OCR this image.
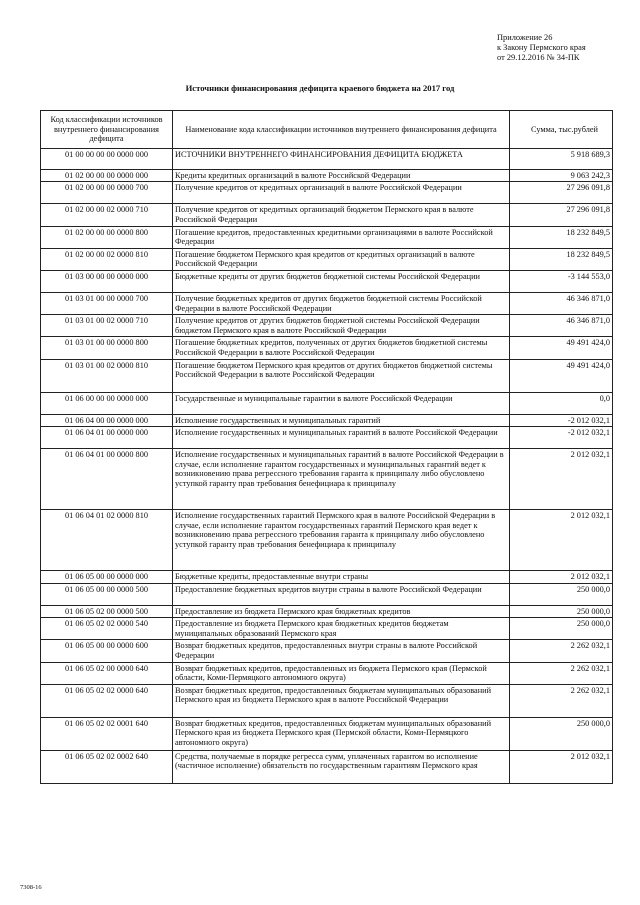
Приложение 26
к Закону Пермского края
от 29.12.2016 № 34-ПК
Источники финансирования дефицита краевого бюджета на 2017 год
Код классификации источников внутреннего финансирования дефицита	Наименование кода классификации источников внутреннего финансирования дефицита	Сумма, тыс.рублей
01 00 00 00 00 0000 000	ИСТОЧНИКИ ВНУТРЕННЕГО ФИНАНСИРОВАНИЯ ДЕФИЦИТА БЮДЖЕТА	5 918 689,3
01 02 00 00 00 0000 000	Кредиты кредитных организаций в валюте Российской Федерации	9 063 242,3
01 02 00 00 00 0000 700	Получение кредитов от кредитных организаций в валюте Российской Федерации	27 296 091,8
01 02 00 00 02 0000 710	Получение кредитов от кредитных организаций бюджетом Пермского края в валюте Российской Федерации	27 296 091,8
01 02 00 00 00 0000 800	Погашение кредитов, предоставленных кредитными организациями в валюте Российской Федерации	18 232 849,5
01 02 00 00 02 0000 810	Погашение бюджетом Пермского края кредитов от кредитных организаций в валюте Российской Федерации	18 232 849,5
01 03 00 00 00 0000 000	Бюджетные кредиты от других бюджетов бюджетной системы Российской Федерации	-3 144 553,0
01 03 01 00 00 0000 700	Получение бюджетных кредитов от других бюджетов бюджетной системы Российской Федерации в валюте Российской Федерации	46 346 871,0
01 03 01 00 02 0000 710	Получение кредитов от других бюджетов бюджетной системы Российской Федерации бюджетом Пермского края в валюте Российской Федерации	46 346 871,0
01 03 01 00 00 0000 800	Погашение бюджетных кредитов, полученных от других бюджетов бюджетной системы Российской Федерации в валюте Российской Федерации	49 491 424,0
01 03 01 00 02 0000 810	Погашение бюджетом Пермского края кредитов от других бюджетов бюджетной системы Российской Федерации в валюте Российской Федерации	49 491 424,0
01 06 00 00 00 0000 000	Государственные и муниципальные гарантии в валюте Российской Федерации	0,0
01 06 04 00 00 0000 000	Исполнение государственных и муниципальных гарантий	-2 012 032,1
01 06 04 01 00 0000 000	Исполнение государственных и муниципальных гарантий в валюте Российской Федерации	-2 012 032,1
01 06 04 01 00 0000 800	Исполнение государственных и муниципальных гарантий в валюте Российской Федерации в случае, если исполнение гарантом государственных и муниципальных гарантий ведет к возникновению права регрессного требования гаранта к принципалу либо обусловлено уступкой гаранту прав требования бенефициара к принципалу	2 012 032,1
01 06 04 01 02 0000 810	Исполнение государственных гарантий Пермского края в валюте Российской Федерации в случае, если исполнение гарантом государственных гарантий Пермского края ведет к возникновению права регрессного требования гаранта к принципалу либо обусловлено уступкой гаранту прав требования бенефициара к принципалу	2 012 032,1
01 06 05 00 00 0000 000	Бюджетные кредиты, предоставленные внутри страны	2 012 032,1
01 06 05 00 00 0000 500	Предоставление бюджетных кредитов внутри страны в валюте Российской Федерации	250 000,0
01 06 05 02 00 0000 500	Предоставление из бюджета Пермского края бюджетных кредитов	250 000,0
01 06 05 02 02 0000 540	Предоставление из бюджета Пермского края бюджетных кредитов бюджетам муниципальных образований Пермского края	250 000,0
01 06 05 00 00 0000 600	Возврат бюджетных кредитов, предоставленных внутри страны в валюте Российской Федерации	2 262 032,1
01 06 05 02 00 0000 640	Возврат бюджетных кредитов, предоставленных из бюджета Пермского края (Пермской области, Коми-Пермяцкого автономного округа)	2 262 032,1
01 06 05 02 02 0000 640	Возврат бюджетных кредитов, предоставленных бюджетам муниципальных образований Пермского края из бюджета Пермского края в валюте Российской Федерации	2 262 032,1
01 06 05 02 02 0001 640	Возврат бюджетных кредитов, предоставленных бюджетам муниципальных образований Пермского края из бюджета Пермского края (Пермской области, Коми-Пермяцкого автономного округа)	250 000,0
01 06 05 02 02 0002 640	Средства, получаемые в порядке регресса сумм, уплаченных гарантом во исполнение (частичное исполнение) обязательств по государственным гарантиям Пермского края	2 012 032,1
7308-16
